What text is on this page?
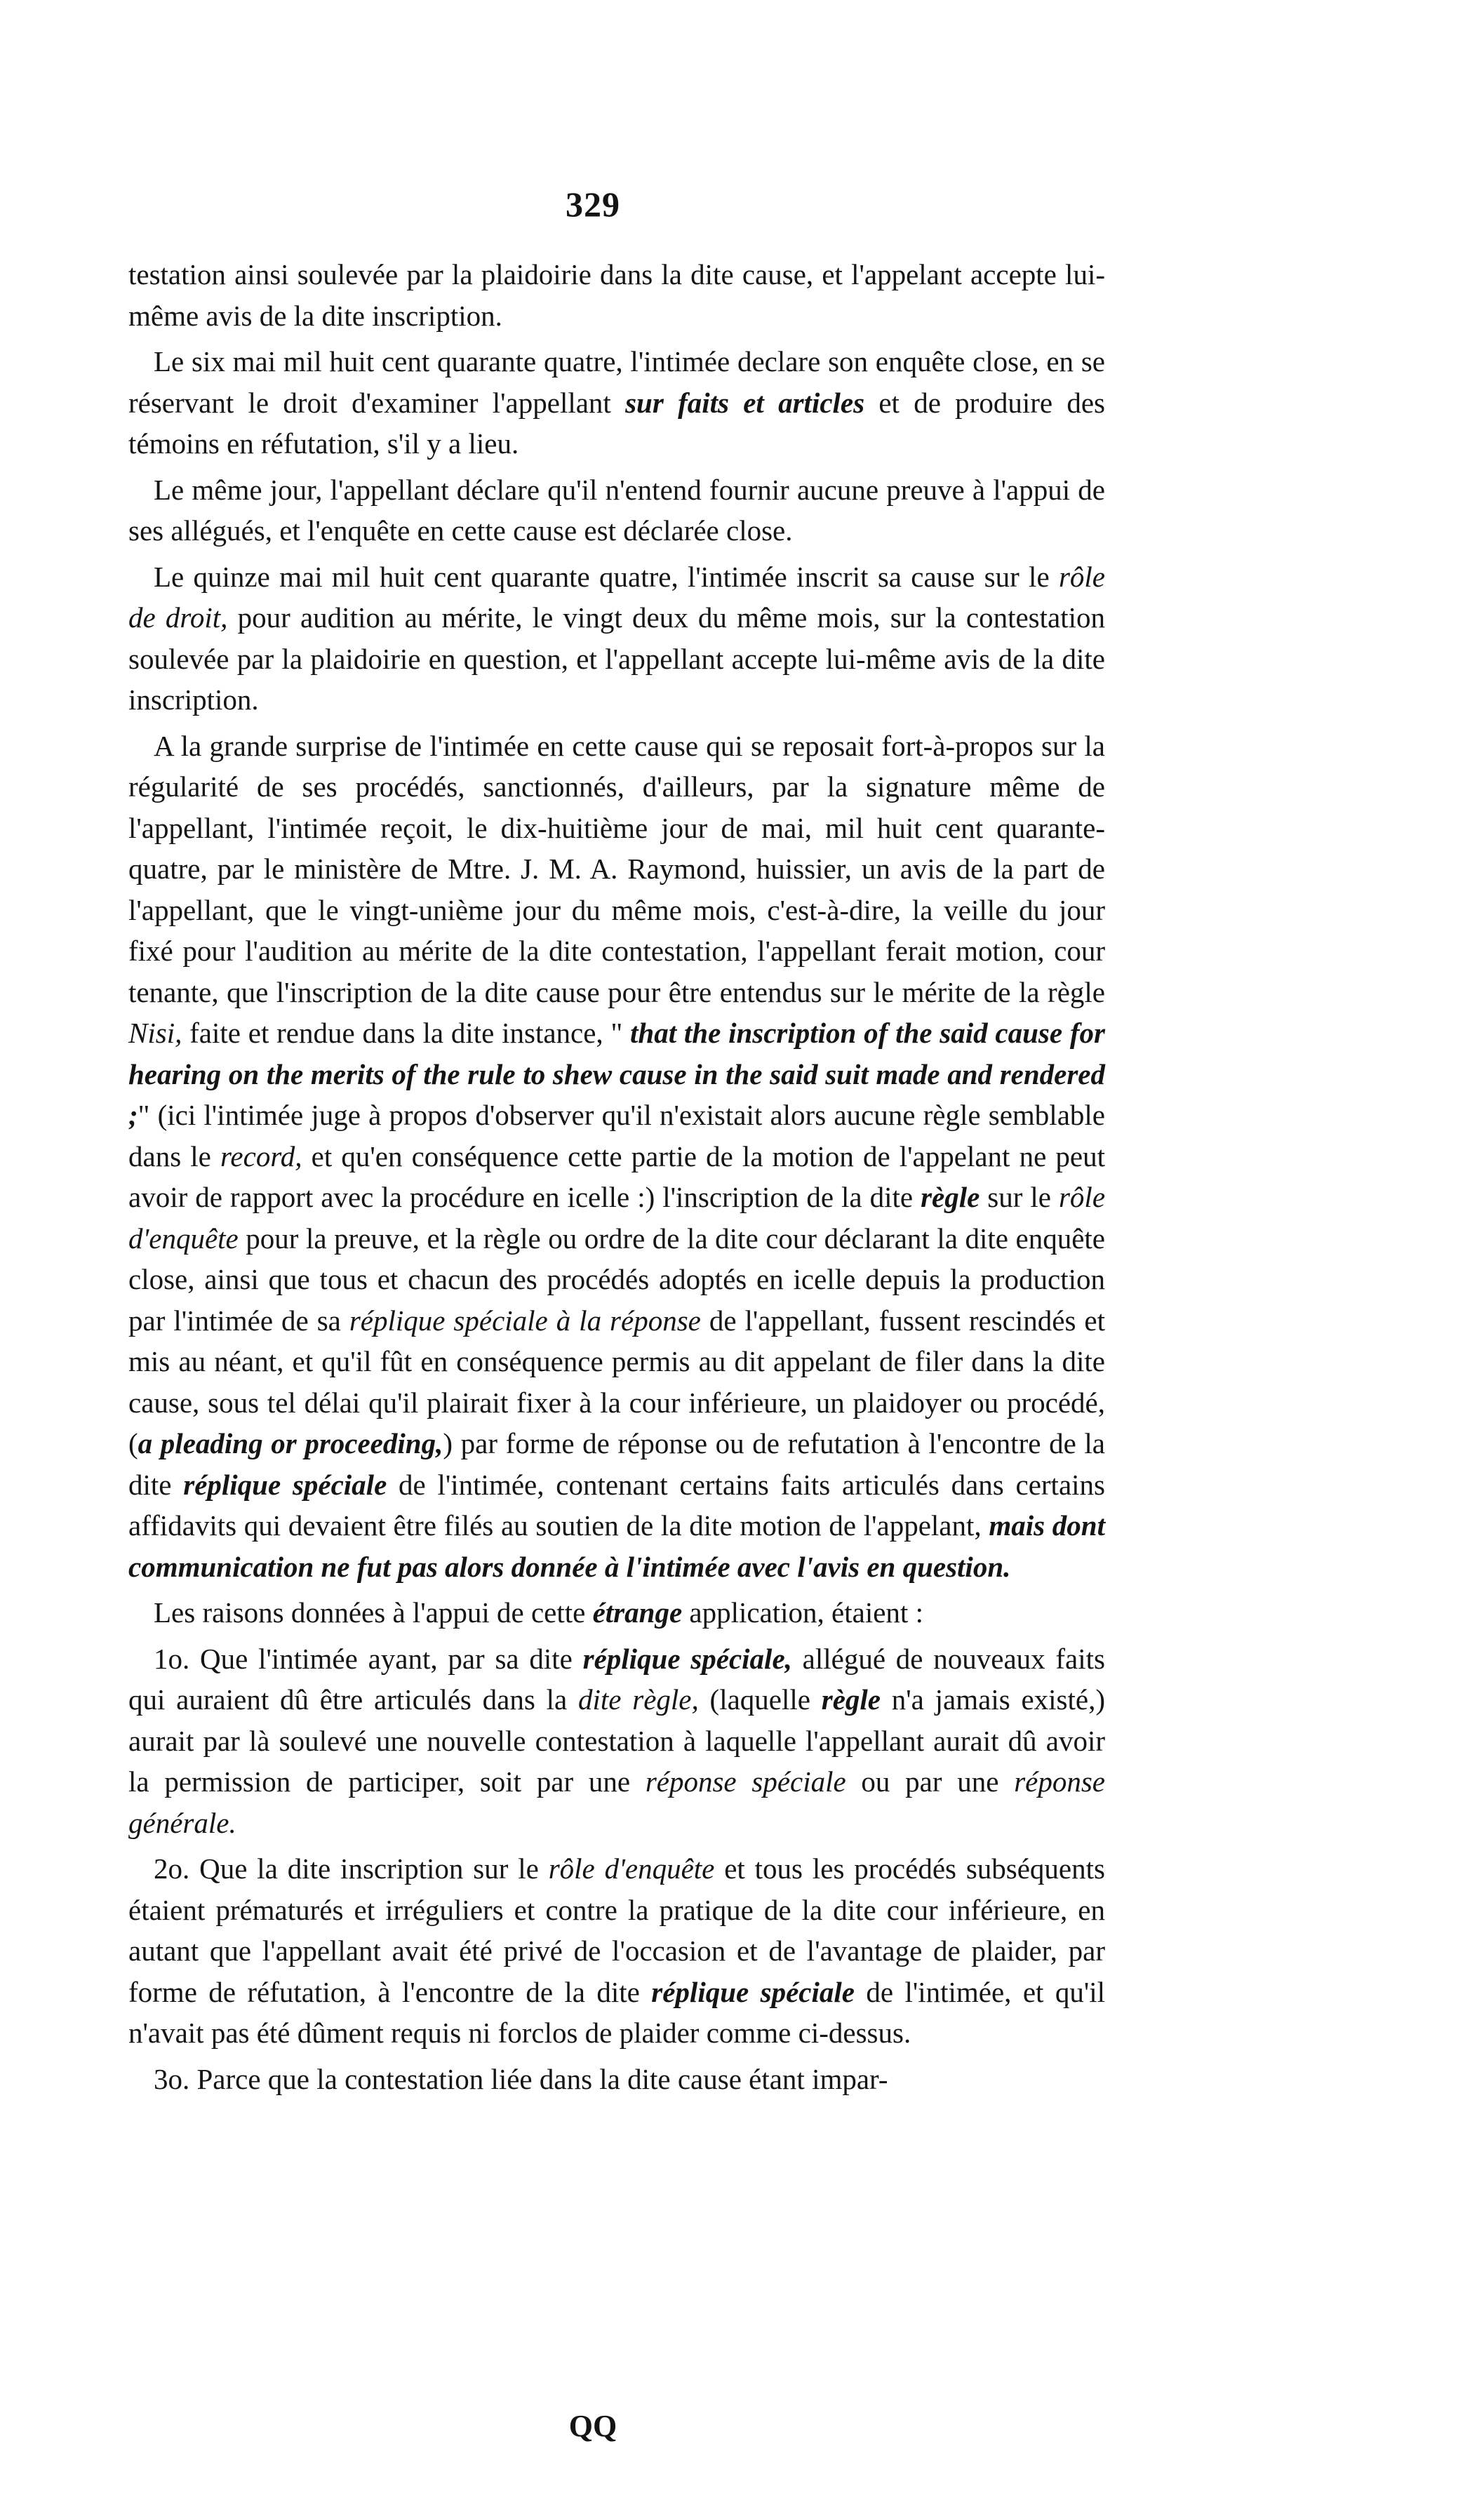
329

testation ainsi soulevée par la plaidoirie dans la dite cause, et l'appelant accepte lui-même avis de la dite inscription.

Le six mai mil huit cent quarante quatre, l'intimée declare son enquête close, en se réservant le droit d'examiner l'appellant sur faits et articles et de produire des témoins en réfutation, s'il y a lieu.

Le même jour, l'appellant déclare qu'il n'entend fournir aucune preuve à l'appui de ses allégués, et l'enquête en cette cause est déclarée close.

Le quinze mai mil huit cent quarante quatre, l'intimée inscrit sa cause sur le rôle de droit, pour audition au mérite, le vingt deux du même mois, sur la contestation soulevée par la plaidoirie en question, et l'appellant accepte lui-même avis de la dite inscription.

A la grande surprise de l'intimée en cette cause qui se reposait fort-à-propos sur la régularité de ses procédés, sanctionnés, d'ailleurs, par la signature même de l'appellant, l'intimée reçoit, le dix-huitième jour de mai, mil huit cent quarante-quatre, par le ministère de Mtre. J. M. A. Raymond, huissier, un avis de la part de l'appellant, que le vingt-unième jour du même mois, c'est-à-dire, la veille du jour fixé pour l'audition au mérite de la dite contestation, l'appellant ferait motion, cour tenante, que l'inscription de la dite cause pour être entendus sur le mérite de la règle Nisi, faite et rendue dans la dite instance, " that the inscription of the said cause for hearing on the merits of the rule to shew cause in the said suit made and rendered ;" (ici l'intimée juge à propos d'observer qu'il n'existait alors aucune règle semblable dans le record, et qu'en conséquence cette partie de la motion de l'appelant ne peut avoir de rapport avec la procédure en icelle :) l'inscription de la dite règle sur le rôle d'enquête pour la preuve, et la règle ou ordre de la dite cour déclarant la dite enquête close, ainsi que tous et chacun des procédés adoptés en icelle depuis la production par l'intimée de sa réplique spéciale à la réponse de l'appellant, fussent rescindés et mis au néant, et qu'il fût en conséquence permis au dit appelant de filer dans la dite cause, sous tel délai qu'il plairait fixer à la cour inférieure, un plaidoyer ou procédé, (a pleading or proceeding,) par forme de réponse ou de refutation à l'encontre de la dite réplique spéciale de l'intimée, contenant certains faits articulés dans certains affidavits qui devaient être filés au soutien de la dite motion de l'appelant, mais dont communication ne fut pas alors donnée à l'intimée avec l'avis en question.

Les raisons données à l'appui de cette étrange application, étaient :

1o. Que l'intimée ayant, par sa dite réplique spéciale, allégué de nouveaux faits qui auraient dû être articulés dans la dite règle, (laquelle règle n'a jamais existé,) aurait par là soulevé une nouvelle contestation à laquelle l'appellant aurait dû avoir la permission de participer, soit par une réponse spéciale ou par une réponse générale.

2o. Que la dite inscription sur le rôle d'enquête et tous les procédés subséquents étaient prématurés et irréguliers et contre la pratique de la dite cour inférieure, en autant que l'appellant avait été privé de l'occasion et de l'avantage de plaider, par forme de réfutation, à l'encontre de la dite réplique spéciale de l'intimée, et qu'il n'avait pas été dûment requis ni forclos de plaider comme ci-dessus.

3o. Parce que la contestation liée dans la dite cause étant impar-

QQ
